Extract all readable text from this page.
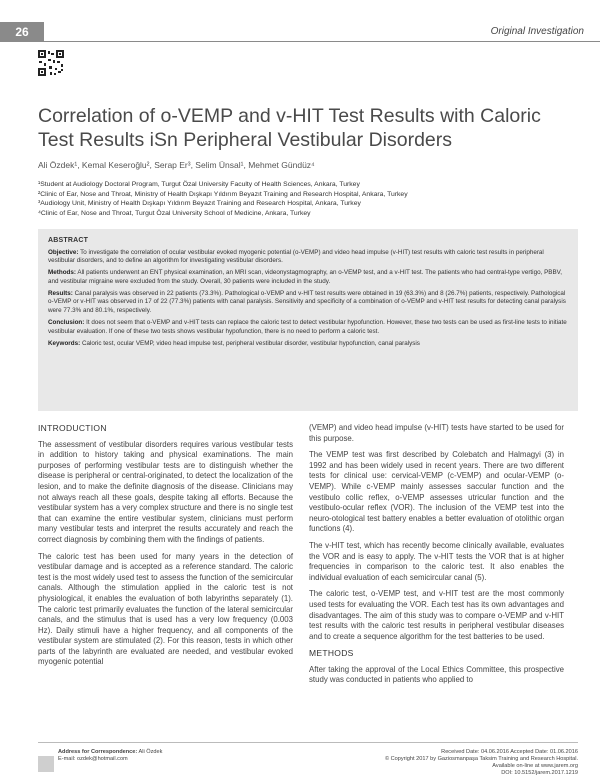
26	Original Investigation
Correlation of o-VEMP and v-HIT Test Results with Caloric Test Results iSn Peripheral Vestibular Disorders
Ali Özdek¹, Kemal Keseroğlu², Serap Er³, Selim Ünsal¹, Mehmet Gündüz⁴
¹Student at Audiology Doctoral Program, Turgut Özal University Faculty of Health Sciences, Ankara, Turkey
²Clinic of Ear, Nose and Throat, Ministry of Health Dışkapı Yıldırım Beyazıt Training and Research Hospital, Ankara, Turkey
³Audiology Unit, Ministry of Health Dışkapı Yıldırım Beyazıt Training and Research Hospital, Ankara, Turkey
⁴Clinic of Ear, Nose and Throat, Turgut Özal University School of Medicine, Ankara, Turkey
ABSTRACT

Objective: To investigate the correlation of ocular vestibular evoked myogenic potential (o-VEMP) and video head impulse (v-HIT) test results with caloric test results in peripheral vestibular disorders, and to define an algorithm for investigating vestibular disorders.

Methods: All patients underwent an ENT physical examination, an MRI scan, videonystagmography, an o-VEMP test, and a v-HIT test. The patients who had central-type vertigo, PBBV, and vestibular migraine were excluded from the study. Overall, 30 patients were included in the study.

Results: Canal paralysis was observed in 22 patients (73.3%). Pathological o-VEMP and v-HIT test results were obtained in 19 (63.3%) and 8 (26.7%) patients, respectively. Pathological o-VEMP or v-HIT was observed in 17 of 22 (77.3%) patients with canal paralysis. Sensitivity and specificity of a combination of o-VEMP and v-HIT test results for detecting canal paralysis were 77.3% and 80.1%, respectively.

Conclusion: It does not seem that o-VEMP and v-HIT tests can replace the caloric test to detect vestibular hypofunction. However, these two tests can be used as first-line tests to initiate vestibular evaluation. If one of these two tests shows vestibular hypofunction, there is no need to perform a caloric test.

Keywords: Caloric test, ocular VEMP, video head impulse test, peripheral vestibular disorder, vestibular hypofunction, canal paralysis

INTRODUCTION

The assessment of vestibular disorders requires various vestibular tests in addition to history taking and physical examinations. The main purposes of performing vestibular tests are to distinguish whether the disease is peripheral or central-originated, to detect the localization of the lesion, and to make the definite diagnosis of the disease. Clinicians may not always reach all these goals, despite taking all efforts. Because the vestibular system has a very complex structure and there is no single test that can examine the entire vestibular system, clinicians must perform many vestibular tests and interpret the results accurately and reach the correct diagnosis by combining them with the findings of patients.

The caloric test has been used for many years in the detection of vestibular damage and is accepted as a reference standard. The caloric test is the most widely used test to assess the function of the semicircular canals. Although the stimulation applied in the caloric test is not physiological, it enables the evaluation of both labyrinths separately (1). The caloric test primarily evaluates the function of the lateral semicircular canals, and the stimulus that is used has a very low frequency (0.003 Hz). Daily stimuli have a higher frequency, and all components of the vestibular system are stimulated (2). For this reason, tests in which other parts of the labyrinth are evaluated are needed, and vestibular evoked myogenic potential

(VEMP) and video head impulse (v-HIT) tests have started to be used for this purpose.

The VEMP test was first described by Colebatch and Halmagyi (3) in 1992 and has been widely used in recent years. There are two different tests for clinical use: cervical-VEMP (c-VEMP) and ocular-VEMP (o-VEMP). While c-VEMP mainly assesses saccular function and the vestibulo collic reflex, o-VEMP assesses utricular function and the vestibulo-ocular reflex (VOR). The inclusion of the VEMP test into the neuro-otological test battery enables a better evaluation of otolithic organ functions (4).

The v-HIT test, which has recently become clinically available, evaluates the VOR and is easy to apply. The v-HIT tests the VOR that is at higher frequencies in comparison to the caloric test. It also enables the individual evaluation of each semicircular canal (5).

The caloric test, o-VEMP test, and v-HIT test are the most commonly used tests for evaluating the VOR. Each test has its own advantages and disadvantages. The aim of this study was to compare o-VEMP and v-HIT test results with the caloric test results in peripheral vestibular diseases and to create a sequence algorithm for the test batteries to be used.

METHODS

After taking the approval of the Local Ethics Committee, this prospective study was conducted in patients who applied to

Address for Correspondence: Ali Özdek
E-mail: ozdek@hotmail.com
Received Date: 04.06.2016 Accepted Date: 01.06.2016
© Copyright 2017 by Gaziosmanpaşa Taksim Training and Research Hospital.
Available on-line at www.jarem.org
DOI: 10.5152/jarem.2017.1219
